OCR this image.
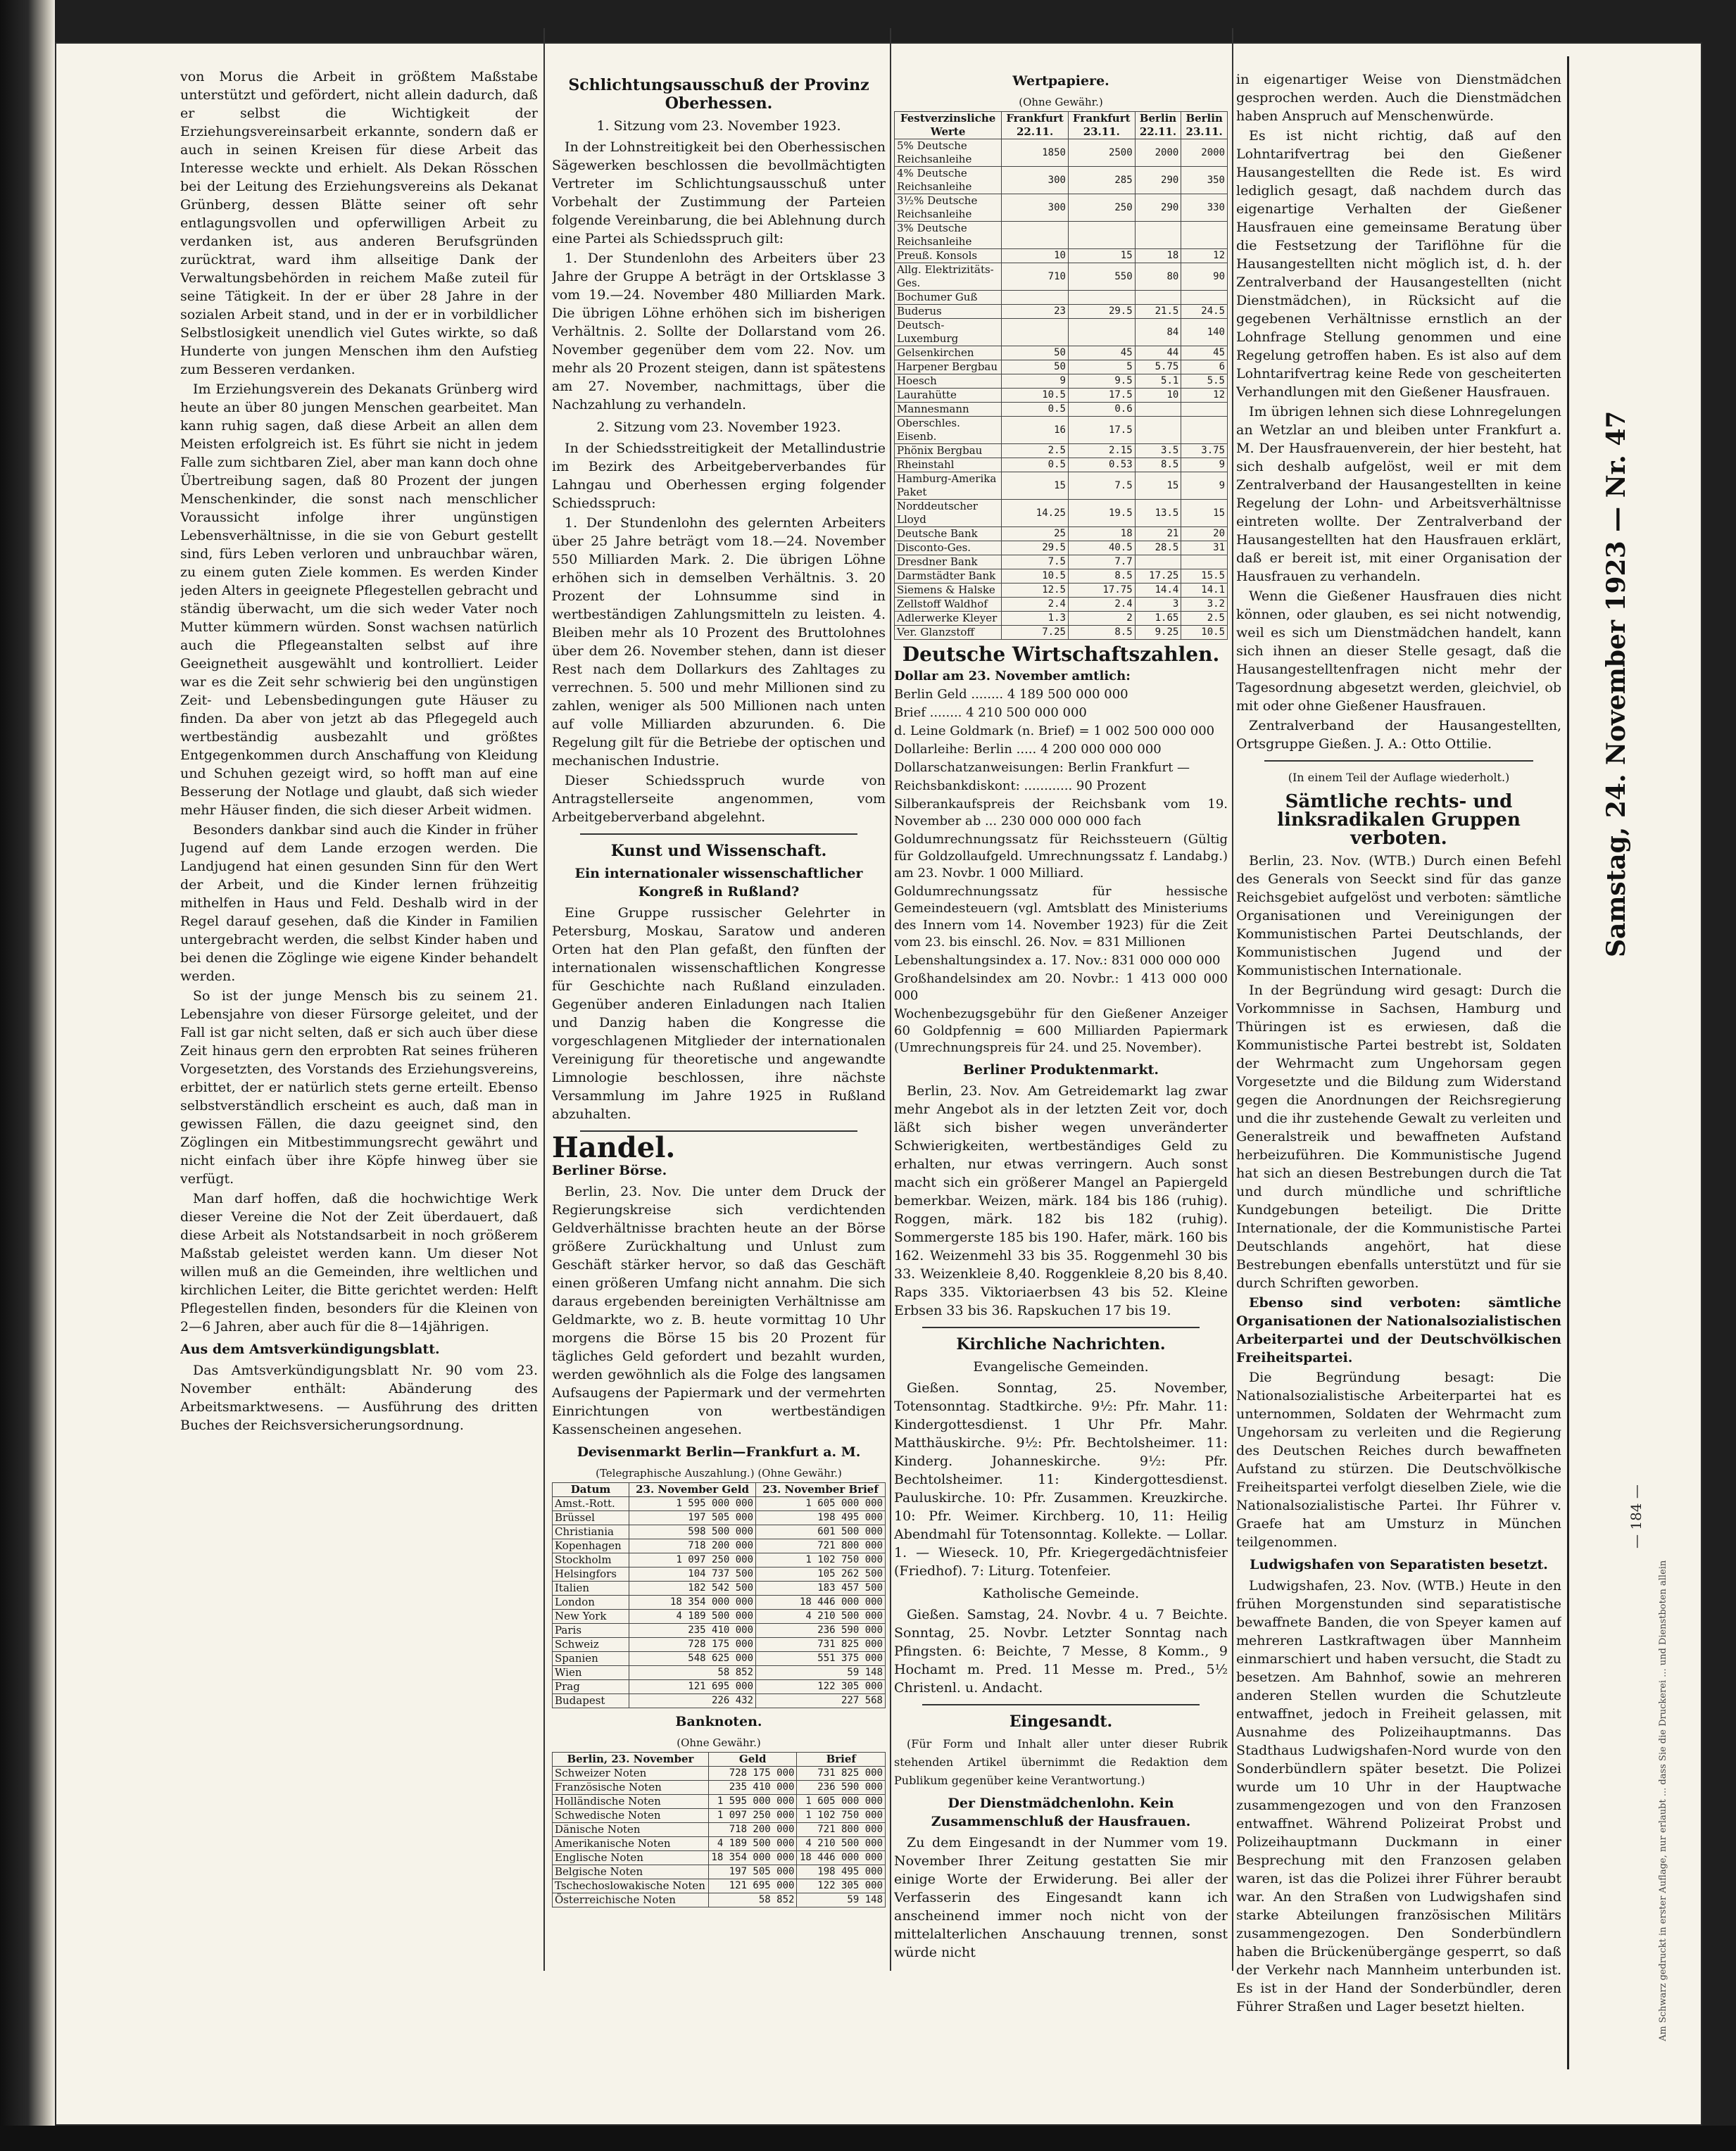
von Morus die Arbeit in größtem Maßstabe unterstützt und gefördert, nicht allein dadurch, daß er selbst die Wichtigkeit der Erziehungsvereinsarbeit erkannte, sondern daß er auch in seinen Kreisen für diese Arbeit das Interesse weckte und erhielt. Als Dekan Rösschen bei der Leitung des Erziehungsvereins als Dekanat Grünberg, dessen Blätte seiner oft sehr entlagungsvollen und opferwilligen Arbeit zu verdanken ist, aus anderen Berufsgründen zurücktrat, ward ihm allseitige Dank der Verwaltungsbehörden in reichem Maße zuteil für seine Tätigkeit. In der er über 28 Jahre in der sozialen Arbeit stand, und in der er in vorbildlicher Selbstlosigkeit unendlich viel Gutes wirkte, so daß Hunderte von jungen Menschen ihm den Aufstieg zum Besseren verdanken.

Im Erziehungsverein des Dekanats Grünberg wird heute an über 80 jungen Menschen gearbeitet. Man kann ruhig sagen, daß diese Arbeit an allen dem Meisten erfolgreich ist. Es führt sie nicht in jedem Falle zum sichtbaren Ziel, aber man kann doch ohne Übertreibung sagen, daß 80 Prozent der jungen Menschenkinder, die sonst nach menschlicher Voraussicht infolge ihrer ungünstigen Lebensverhältnisse, in die sie von Geburt gestellt sind, fürs Leben verloren und unbrauchbar wären, zu einem guten Ziele kommen. Es werden Kinder jeden Alters in geeignete Pflegestellen gebracht und ständig überwacht, um die sich weder Vater noch Mutter kümmern würden. Sonst wachsen natürlich auch die Pflegeanstalten selbst auf ihre Geeignetheit ausgewählt und kontrolliert. Leider war es die Zeit sehr schwierig bei den ungünstigen Zeit- und Lebensbedingungen gute Häuser zu finden. Da aber von jetzt ab das Pflegegeld auch wertbeständig ausbezahlt und größtes Entgegenkommen durch Anschaffung von Kleidung und Schuhen gezeigt wird, so hofft man auf eine Besserung der Notlage und glaubt, daß sich wieder mehr Häuser finden, die sich dieser Arbeit widmen.

Besonders dankbar sind auch die Kinder in früher Jugend auf dem Lande erzogen werden. Die Landjugend hat einen gesunden Sinn für den Wert der Arbeit, und die Kinder lernen frühzeitig mithelfen in Haus und Feld. Deshalb wird in der Regel darauf gesehen, daß die Kinder in Familien untergebracht werden, die selbst Kinder haben und bei denen die Zöglinge wie eigene Kinder behandelt werden.

So ist der junge Mensch bis zu seinem 21. Lebensjahre von dieser Fürsorge geleitet, und der Fall ist gar nicht selten, daß er sich auch über diese Zeit hinaus gern den erprobten Rat seines früheren Vorgesetzten, des Vorstands des Erziehungsvereins, erbittet, der er natürlich stets gerne erteilt. Ebenso selbstverständlich erscheint es auch, daß man in gewissen Fällen, die dazu geeignet sind, den Zöglingen ein Mitbestimmungsrecht gewährt und nicht einfach über ihre Köpfe hinweg über sie verfügt.

Man darf hoffen, daß die hochwichtige Werk dieser Vereine die Not der Zeit überdauert, daß diese Arbeit als Notstandsarbeit in noch größerem Maßstab geleistet werden kann. Um dieser Not willen muß an die Gemeinden, ihre weltlichen und kirchlichen Leiter, die Bitte gerichtet werden: Helft Pflegestellen finden, besonders für die Kleinen von 2—6 Jahren, aber auch für die 8—14jährigen.

Aus dem Amtsverkündigungsblatt.

Das Amtsverkündigungsblatt Nr. 90 vom 23. November enthält: Abänderung des Arbeitsmarktwesens. — Ausführung des dritten Buches der Reichsversicherungsordnung.

Schlichtungsausschuß der Provinz Oberhessen.
1. Sitzung vom 23. November 1923.

In der Lohnstreitigkeit bei den Oberhessischen Sägewerken beschlossen die bevollmächtigten Vertreter im Schlichtungsausschuß unter Vorbehalt der Zustimmung der Parteien folgende Vereinbarung, die bei Ablehnung durch eine Partei als Schiedsspruch gilt:

1. Der Stundenlohn des Arbeiters über 23 Jahre der Gruppe A beträgt in der Ortsklasse 3 vom 19.—24. November 480 Milliarden Mark. Die übrigen Löhne erhöhen sich im bisherigen Verhältnis. 2. Sollte der Dollarstand vom 26. November gegenüber dem vom 22. Nov. um mehr als 20 Prozent steigen, dann ist spätestens am 27. November, nachmittags, über die Nachzahlung zu verhandeln.

2. Sitzung vom 23. November 1923.

In der Schiedsstreitigkeit der Metallindustrie im Bezirk des Arbeitgeberverbandes für Lahngau und Oberhessen erging folgender Schiedsspruch:

1. Der Stundenlohn des gelernten Arbeiters über 25 Jahre beträgt vom 18.—24. November 550 Milliarden Mark. 2. Die übrigen Löhne erhöhen sich in demselben Verhältnis. 3. 20 Prozent der Lohnsumme sind in wertbeständigen Zahlungsmitteln zu leisten. 4. Bleiben mehr als 10 Prozent des Bruttolohnes über dem 26. November stehen, dann ist dieser Rest nach dem Dollarkurs des Zahltages zu verrechnen. 5. 500 und mehr Millionen sind zu zahlen, weniger als 500 Millionen nach unten auf volle Milliarden abzurunden. 6. Die Regelung gilt für die Betriebe der optischen und mechanischen Industrie.

Dieser Schiedsspruch wurde von Antragstellerseite angenommen, vom Arbeitgeberverband abgelehnt.

Kunst und Wissenschaft.
Ein internationaler wissenschaftlicher Kongreß in Rußland?

Eine Gruppe russischer Gelehrter in Petersburg, Moskau, Saratow und anderen Orten hat den Plan gefaßt, den fünften der internationalen wissenschaftlichen Kongresse für Geschichte nach Rußland einzuladen. Gegenüber anderen Einladungen nach Italien und Danzig haben die Kongresse die vorgeschlagenen Mitglieder der internationalen Vereinigung für theoretische und angewandte Limnologie beschlossen, ihre nächste Versammlung im Jahre 1925 in Rußland abzuhalten.

Handel.
Berliner Börse.

Berlin, 23. Nov. Die unter dem Druck der Regierungskreise sich verdichtenden Geldverhältnisse brachten heute an der Börse größere Zurückhaltung und Unlust zum Geschäft stärker hervor, so daß das Geschäft einen größeren Umfang nicht annahm. Die sich daraus ergebenden bereinigten Verhältnisse am Geldmarkte, wo z. B. heute vormittag 10 Uhr morgens die Börse 15 bis 20 Prozent für tägliches Geld gefordert und bezahlt wurden, werden gewöhnlich als die Folge des langsamen Aufsaugens der Papiermark und der vermehrten Einrichtungen von wertbeständigen Kassenscheinen angesehen.

Devisenmarkt Berlin—Frankfurt a. M.
(Telegraphische Auszahlung.) (Ohne Gewähr.)
Datum	23. November Geld	23. November Brief
Amst.-Rott.	1 595 000 000	1 605 000 000
Brüssel	197 505 000	198 495 000
Christiania	598 500 000	601 500 000
Kopenhagen	718 200 000	721 800 000
Stockholm	1 097 250 000	1 102 750 000
Helsingfors	104 737 500	105 262 500
Italien	182 542 500	183 457 500
London	18 354 000 000	18 446 000 000
New York	4 189 500 000	4 210 500 000
Paris	235 410 000	236 590 000
Schweiz	728 175 000	731 825 000
Spanien	548 625 000	551 375 000
Wien	58 852	59 148
Prag	121 695 000	122 305 000
Budapest	226 432	227 568
Banknoten.
(Ohne Gewähr.)
Berlin, 23. November	Geld	Brief
Schweizer Noten	728 175 000	731 825 000
Französische Noten	235 410 000	236 590 000
Holländische Noten	1 595 000 000	1 605 000 000
Schwedische Noten	1 097 250 000	1 102 750 000
Dänische Noten	718 200 000	721 800 000
Amerikanische Noten	4 189 500 000	4 210 500 000
Englische Noten	18 354 000 000	18 446 000 000
Belgische Noten	197 505 000	198 495 000
Tschechoslowakische Noten	121 695 000	122 305 000
Österreichische Noten	58 852	59 148
Wertpapiere.
(Ohne Gewähr.)
Festverzinsliche Werte	Frankfurt 22.11.	Frankfurt 23.11.	Berlin 22.11.	Berlin 23.11.
5% Deutsche Reichsanleihe	1850	2500	2000	2000
4% Deutsche Reichsanleihe	300	285	290	350
3½% Deutsche Reichsanleihe	300	250	290	330
3% Deutsche Reichsanleihe				
Preuß. Konsols	10	15	18	12
Allg. Elektrizitäts-Ges.	710	550	80	90
Bochumer Guß				
Buderus	23	29.5	21.5	24.5
Deutsch-Luxemburg			84	140
Gelsenkirchen	50	45	44	45
Harpener Bergbau	50	5	5.75	6
Hoesch	9	9.5	5.1	5.5
Laurahütte	10.5	17.5	10	12
Mannesmann	0.5	0.6		
Oberschles. Eisenb.	16	17.5		
Phönix Bergbau	2.5	2.15	3.5	3.75
Rheinstahl	0.5	0.53	8.5	9
Hamburg-Amerika Paket	15	7.5	15	9
Norddeutscher Lloyd	14.25	19.5	13.5	15
Deutsche Bank	25	18	21	20
Disconto-Ges.	29.5	40.5	28.5	31
Dresdner Bank	7.5	7.7		
Darmstädter Bank	10.5	8.5	17.25	15.5
Siemens & Halske	12.5	17.75	14.4	14.1
Zellstoff Waldhof	2.4	2.4	3	3.2
Adlerwerke Kleyer	1.3	2	1.65	2.5
Ver. Glanzstoff	7.25	8.5	9.25	10.5
Deutsche Wirtschaftszahlen.

Dollar am 23. November amtlich:

Berlin Geld ........ 4 189 500 000 000

Brief ........ 4 210 500 000 000

d. Leine Goldmark (n. Brief) = 1 002 500 000 000

Dollarleihe: Berlin ..... 4 200 000 000 000

Dollarschatzanweisungen: Berlin Frankfurt —

Reichsbankdiskont: ............ 90 Prozent

Silberankaufspreis der Reichsbank vom 19. November ab ... 230 000 000 000 fach

Goldumrechnungssatz für Reichssteuern (Gültig für Goldzollaufgeld. Umrechnungssatz f. Landabg.) am 23. Novbr. 1 000 Milliard.

Goldumrechnungssatz für hessische Gemeindesteuern (vgl. Amtsblatt des Ministeriums des Innern vom 14. November 1923) für die Zeit vom 23. bis einschl. 26. Nov. = 831 Millionen

Lebenshaltungsindex a. 17. Nov.: 831 000 000 000

Großhandelsindex am 20. Novbr.: 1 413 000 000 000

Wochenbezugsgebühr für den Gießener Anzeiger 60 Goldpfennig = 600 Milliarden Papiermark (Umrechnungspreis für 24. und 25. November).

Berliner Produktenmarkt.

Berlin, 23. Nov. Am Getreidemarkt lag zwar mehr Angebot als in der letzten Zeit vor, doch läßt sich bisher wegen unveränderter Schwierigkeiten, wertbeständiges Geld zu erhalten, nur etwas verringern. Auch sonst macht sich ein größerer Mangel an Papiergeld bemerkbar. Weizen, märk. 184 bis 186 (ruhig). Roggen, märk. 182 bis 182 (ruhig). Sommergerste 185 bis 190. Hafer, märk. 160 bis 162. Weizenmehl 33 bis 35. Roggenmehl 30 bis 33. Weizenkleie 8,40. Roggenkleie 8,20 bis 8,40. Raps 335. Viktoriaerbsen 43 bis 52. Kleine Erbsen 33 bis 36. Rapskuchen 17 bis 19.

Kirchliche Nachrichten.
Evangelische Gemeinden.

Gießen. Sonntag, 25. November, Totensonntag. Stadtkirche. 9½: Pfr. Mahr. 11: Kindergottesdienst. 1 Uhr Pfr. Mahr. Matthäuskirche. 9½: Pfr. Bechtolsheimer. 11: Kinderg. Johanneskirche. 9½: Pfr. Bechtolsheimer. 11: Kindergottesdienst. Pauluskirche. 10: Pfr. Zusammen. Kreuzkirche. 10: Pfr. Weimer. Kirchberg. 10, 11: Heilig Abendmahl für Totensonntag. Kollekte. — Lollar. 1. — Wieseck. 10, Pfr. Kriegergedächtnisfeier (Friedhof). 7: Liturg. Totenfeier.

Katholische Gemeinde.

Gießen. Samstag, 24. Novbr. 4 u. 7 Beichte. Sonntag, 25. Novbr. Letzter Sonntag nach Pfingsten. 6: Beichte, 7 Messe, 8 Komm., 9 Hochamt m. Pred. 11 Messe m. Pred., 5½ Christenl. u. Andacht.

Eingesandt.

(Für Form und Inhalt aller unter dieser Rubrik stehenden Artikel übernimmt die Redaktion dem Publikum gegenüber keine Verantwortung.)

Der Dienstmädchenlohn. Kein Zusammenschluß der Hausfrauen.

Zu dem Eingesandt in der Nummer vom 19. November Ihrer Zeitung gestatten Sie mir einige Worte der Erwiderung. Bei aller der Verfasserin des Eingesandt kann ich anscheinend immer noch nicht von der mittelalterlichen Anschauung trennen, sonst würde nicht

in eigenartiger Weise von Dienstmädchen gesprochen werden. Auch die Dienstmädchen haben Anspruch auf Menschenwürde.

Es ist nicht richtig, daß auf den Lohntarifvertrag bei den Gießener Hausangestellten die Rede ist. Es wird lediglich gesagt, daß nachdem durch das eigenartige Verhalten der Gießener Hausfrauen eine gemeinsame Beratung über die Festsetzung der Tariflöhne für die Hausangestellten nicht möglich ist, d. h. der Zentralverband der Hausangestellten (nicht Dienstmädchen), in Rücksicht auf die gegebenen Verhältnisse ernstlich an der Lohnfrage Stellung genommen und eine Regelung getroffen haben. Es ist also auf dem Lohntarifvertrag keine Rede von gescheiterten Verhandlungen mit den Gießener Hausfrauen.

Im übrigen lehnen sich diese Lohnregelungen an Wetzlar an und bleiben unter Frankfurt a. M. Der Hausfrauenverein, der hier besteht, hat sich deshalb aufgelöst, weil er mit dem Zentralverband der Hausangestellten in keine Regelung der Lohn- und Arbeitsverhältnisse eintreten wollte. Der Zentralverband der Hausangestellten hat den Hausfrauen erklärt, daß er bereit ist, mit einer Organisation der Hausfrauen zu verhandeln.

Wenn die Gießener Hausfrauen dies nicht können, oder glauben, es sei nicht notwendig, weil es sich um Dienstmädchen handelt, kann sich ihnen an dieser Stelle gesagt, daß die Hausangestelltenfragen nicht mehr der Tagesordnung abgesetzt werden, gleichviel, ob mit oder ohne Gießener Hausfrauen.

Zentralverband der Hausangestellten, Ortsgruppe Gießen. J. A.: Otto Ottilie.

(In einem Teil der Auflage wiederholt.)
Sämtliche rechts- und linksradikalen Gruppen verboten.

Berlin, 23. Nov. (WTB.) Durch einen Befehl des Generals von Seeckt sind für das ganze Reichsgebiet aufgelöst und verboten: sämtliche Organisationen und Vereinigungen der Kommunistischen Partei Deutschlands, der Kommunistischen Jugend und der Kommunistischen Internationale.

In der Begründung wird gesagt: Durch die Vorkommnisse in Sachsen, Hamburg und Thüringen ist es erwiesen, daß die Kommunistische Partei bestrebt ist, Soldaten der Wehrmacht zum Ungehorsam gegen Vorgesetzte und die Bildung zum Widerstand gegen die Anordnungen der Reichsregierung und die ihr zustehende Gewalt zu verleiten und Generalstreik und bewaffneten Aufstand herbeizuführen. Die Kommunistische Jugend hat sich an diesen Bestrebungen durch die Tat und durch mündliche und schriftliche Kundgebungen beteiligt. Die Dritte Internationale, der die Kommunistische Partei Deutschlands angehört, hat diese Bestrebungen ebenfalls unterstützt und für sie durch Schriften geworben.

Ebenso sind verboten: sämtliche Organisationen der Nationalsozialistischen Arbeiterpartei und der Deutschvölkischen Freiheitspartei.

Die Begründung besagt: Die Nationalsozialistische Arbeiterpartei hat es unternommen, Soldaten der Wehrmacht zum Ungehorsam zu verleiten und die Regierung des Deutschen Reiches durch bewaffneten Aufstand zu stürzen. Die Deutschvölkische Freiheitspartei verfolgt dieselben Ziele, wie die Nationalsozialistische Partei. Ihr Führer v. Graefe hat am Umsturz in München teilgenommen.

Ludwigshafen von Separatisten besetzt.

Ludwigshafen, 23. Nov. (WTB.) Heute in den frühen Morgenstunden sind separatistische bewaffnete Banden, die von Speyer kamen auf mehreren Lastkraftwagen über Mannheim einmarschiert und haben versucht, die Stadt zu besetzen. Am Bahnhof, sowie an mehreren anderen Stellen wurden die Schutzleute entwaffnet, jedoch in Freiheit gelassen, mit Ausnahme des Polizeihauptmanns. Das Stadthaus Ludwigshafen-Nord wurde von den Sonderbündlern später besetzt. Die Polizei wurde um 10 Uhr in der Hauptwache zusammengezogen und von den Franzosen entwaffnet. Während Polizeirat Probst und Polizeihauptmann Duckmann in einer Besprechung mit den Franzosen gelaben waren, ist das die Polizei ihrer Führer beraubt war. An den Straßen von Ludwigshafen sind starke Abteilungen französischen Militärs zusammengezogen. Den Sonderbündlern haben die Brückenübergänge gesperrt, so daß der Verkehr nach Mannheim unterbunden ist. Es ist in der Hand der Sonderbündler, deren Führer Straßen und Lager besetzt hielten.

Samstag, 24. November 1923 — Nr. 47
— 184 —
Am Schwarz gedruckt in erster Auflage, nur erlaubt ... dass Sie die Druckerei ... und Dienstboten allein
